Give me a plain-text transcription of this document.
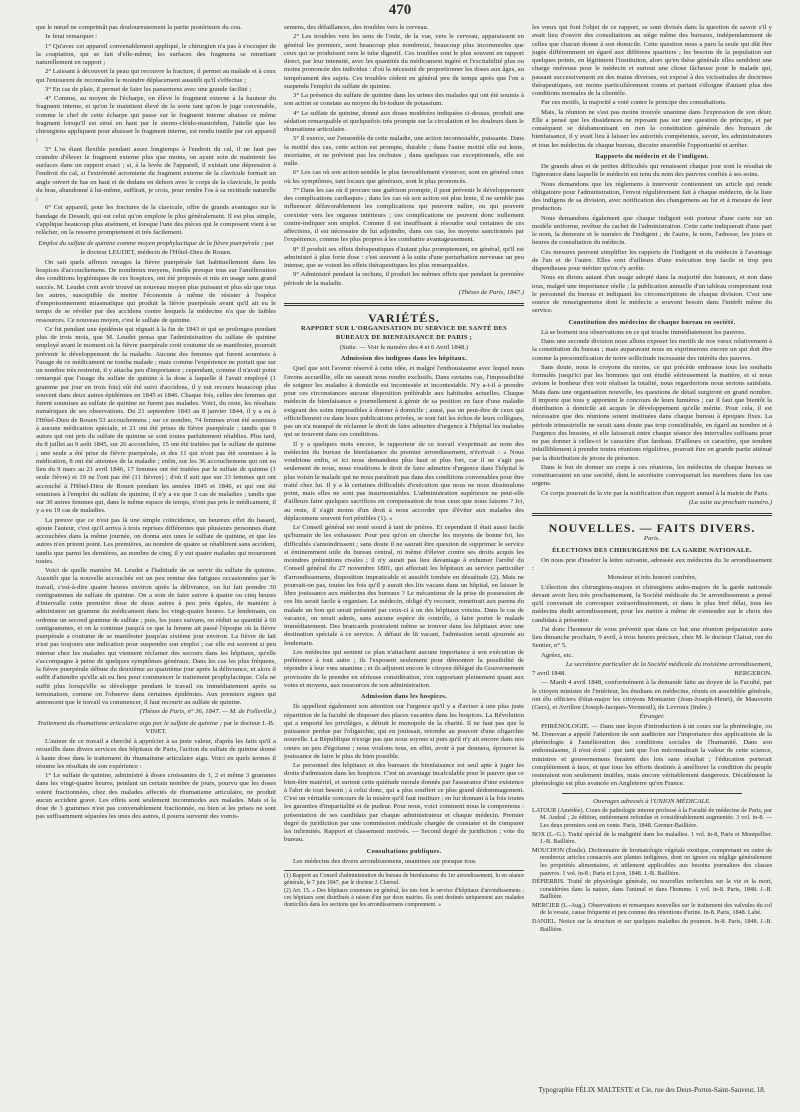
470

que le nœud ne comprimât pas douloureusement la partie postérieure du cou.

Je ferai remarquer :

1° Qu'avec cet appareil convenablement appliqué, le chirurgien n'a pas à s'occuper de la coaptation, qui se fait d'elle-même, les surfaces des fragmens se remettant naturellement en rapport ;

2° Laissant à découvert la peau qui recouvre la fracture, il permet au malade et à ceux qui l'entourent de reconnaître le moindre déplacement aussitôt qu'il s'effectue ;

3° En cas de plaie, il permet de faire les pansemens avec une grande facilité ;

4° Comme, au moyen de l'écharpe, on élève le fragment externe à la hauteur du fragment interne, et qu'on le maintient élevé de la sorte tant qu'on le juge convenable, comme le chef de cette écharpe qui passe sur le fragment interne abaisse ce même fragment lorsqu'il est situé en haut par le sterno-cléido-mastoïdien, l'attelle que les chirurgiens appliquent pour abaisser le fragment interne, est rendu inutile par cet appareil ;

5° L'os étant flexible pendant assez longtemps à l'endroit du cal, il ne faut pas craindre d'élever le fragment externe plus que moins, on ayant soin de maintenir les surfaces dans un rapport exact ; si, à la levée de l'appareil, il existait une dépression à l'endroit du cal, si l'extrémité acromiene du fragment externe de la clavicule formait un angle ouvert de bas en haut et de dedans en dehors avec le corps de la clavicule, le poids du bras, abandonné à lui-même, suffirait, je crois, pour rendre l'os à sa rectitude naturelle ;

6° Cet appareil, pour les fractures de la clavicule, offre de grands avantages sur le bandage de Desault, qui est celui qu'on emploie le plus généralement. Il est plus simple, s'applique beaucoup plus aisément, et lorsque l'une des pièces qui le composent vient à se relâcher, on la resserre promptement et très facilement.

Emploi du sulfate de quinine comme moyen prophylactique de la fièvre puerpérale ; par le docteur LEUDET, médecin de l'Hôtel-Dieu de Rouen.

On sait quels affreux ravages la fièvre puerpérale fait habituellement dans les hospices d'accouchemens. De nombreux moyens, fondés presque tous sur l'amélioration des conditions hygiéniques de ces hospices, ont été proposés et mis en usage sans grand succès. M. Leudet croit avoir trouvé un nouveau moyen plus puissant et plus sûr que tous les autres, susceptible de mettre l'économie à même de résister à l'espèce d'empoisonnement miasmatique qui produit la fièvre puerpérale avant qu'il ait eu le temps de se révéler par des accidens contre lesquels la médecine n'a que de faibles ressources. Ce nouveau moyen, c'est le sulfate de quinine.

Ce fut pendant une épidémie qui régnait à la fin de 1843 et qui se prolongea pendant plus de trois mois, que M. Leudet pensa que l'administration du sulfate de quinine employé avant le moment où la fièvre puerpérale croit coutume de se manifester, pourrait prévenir le développement de la maladie. Aucune des femmes qui furent soumises à l'usage de ce médicament ne tomba malade ; mais comme l'expérience ne portait que sur un nombre très restreint, il y attacha peu d'importance ; cependant, comme il n'avait point remarqué que l'usage du sulfate de quinine à la dose à laquelle il l'avait employé (1 gramme par jour en trois fois) eût été suivi d'accidens, il y eut recours beaucoup plus souvent dans deux autres épidémies en 1845 et 1846. Chaque fois, celles des femmes qui furent soumises au sulfate de quinine ne furent pas malades. Voici, du reste, les résultats numériques de ses observations. Du 21 septembre 1843 au 8 janvier 1844, il y a eu à l'Hôtel-Dieu de Rouen 53 accouchemens ; sur ce nombre, 74 femmes n'ont été soumises à aucune médication spéciale, et 21 ont été prises de fièvre puerpérale ; tandis que 9 autres qui ont pris du sulfate de quinine se sont toutes parfaitement rétablies. Plus tard, du 8 juillet au 9 août 1845, sur 26 accouchées, 15 ont été traitées par le sulfate de quinine ; une seule a été prise de fièvre puerpérale, et des 11 qui n'ont pas été soumises à la médication, 8 ont été atteintes de la maladie ; enfin, sur les 36 accouchemens qui ont eu lieu du 9 mars au 21 avril 1846, 17 femmes ont été traitées par le sulfate de quinine (1 seule fièvre) et 19 ne l'ont pas été (11 fièvres) ; d'où il suit que sur 33 femmes qui ont accouché à l'Hôtel-Dieu de Rouen pendant les années 1845 et 1846, et qui ont été soumises à l'emploi du sulfate de quinine, il n'y a eu que 3 cas de maladies ; tandis que sur 30 autres femmes qui, dans le même espace de temps, n'ont pas pris le médicament, il y a eu 19 cas de maladies.

La preuve que ce n'est pas là une simple coïncidence, un heureux effet du hasard, ajoute l'auteur, c'est qu'il arriva à trois reprises différentes que plusieurs personnes étant accouchées dans la même journée, on donna aux unes le sulfate de quinine, et que les autres n'en prirent point. Les premières, au nombre de quatre se rétablirent sans accident, tandis que parmi les dernières, au nombre de cinq, il y eut quatre malades qui moururent toutes.

Voici de quelle manière M. Leudet a l'habitude de se servir du sulfate de quinine. Aussitôt que la nouvelle accouchée est un peu remise des fatigues occasionnées par le travail, c'est-à-dire quatre heures environ après la délivrance, on lui fait prendre 30 centigrammes de sulfate de quinine. On a soin de faire suivre à quatre ou cinq heures d'intervalle cette première dose de deux autres à peu près égales, de manière à administrer un gramme du médicament dans les vingt-quatre heures. Le lendemain, on ordonne un second gramme de sulfate ; puis, les jours suivans, on réduit sa quantité à 60 centigrammes, et on la continue jusqu'à ce que la femme ait passé l'époque où la fièvre puerpérale a coutume de se manifester jusqu'au sixième jour environ. La fièvre de lait n'est pas toujours une indication pour suspendre son emploi ; car elle est souvent si peu intense chez les malades qui viennent réclamer des secours dans les hôpitaux, qu'elle s'accompagne à peine de quelques symptômes généraux. Dans les cas les plus fréquens, la fièvre puerpérale débute du deuxième au quatrième jour après la délivrance, et alors il suffit d'attendre qu'elle ait eu lieu pour commencer le traitement prophylactique. Cela ne suffit plus lorsqu'elle se développe pendant le travail ou immédiatement après sa terminaison, comme on l'observe dans certaines épidémies. Aux premiers signes qui annoncent que le travail va commencer, il faut recourir au sulfate de quinine.

(Thèses de Paris, n° 36, 1847. — M. de Folleville.)

Traitement du rhumatisme articulaire aigu par le sulfate de quinine ; par le docteur J.-B. VINET.

L'auteur de ce travail a cherché à apprécier à sa juste valeur, d'après les faits qu'il a recueillis dans divers services des hôpitaux de Paris, l'action du sulfate de quinine donné à haute dose dans le traitement du rhumatisme articulaire aigu. Voici en quels termes il résume les résultats de son expérience :

1° Le sulfate de quinine, administré à doses croissantes de 1, 2 et même 3 grammes dans les vingt-quatre heures, pendant un certain nombre de jours, pourvu que les doses soient fractionnées, chez des malades affectés de rhumatisme articulaire, ne produit aucun accident grave. Les effets sont seulement incommodes aux malades. Mais si la dose de 3 grammes n'est pas convenablement fractionnée, ou bien si les prises ne sont pas suffisamment séparées les unes des autres, il pourra survenir des vomis-

semens, des défaillances, des troubles vers le cerveau.

2° Les troubles vers les sens de l'ouïe, de la vue, vers le cerveau, apparaissent en général les premiers, sont beaucoup plus nombreux, beaucoup plus incommodes que ceux qui se produisent vers le tube digestif. Ces troubles sont le plus souvent en rapport direct, par leur intensité, avec les quantités du médicament ingéré et l'excitabilité plus ou moins prononcée des individus : d'où la nécessité de proportionner les doses aux âges, au tempérament des sujets. Ces troubles cèdent en général peu de temps après que l'on a suspendu l'emploi du sulfate de quinine.

3° La présence du sulfate de quinine dans les urines des malades qui ont été soumis à son action se constate au moyen du bi-iodure de potassium.

4° Le sulfate de quinine, donné aux doses modérées indiquées ci-dessus, produit une sédation remarquable et quelquefois très prompte sur la circulation et les douleurs dans le rhumatisme articulaire.

5° Il exerce, sur l'ensemble de cette maladie, une action incontestable, puissante. Dans la moitié des cas, cette action est prompte, durable ; dans l'autre moitié elle est lente, incertaine, et ne prévient pas les rechutes ; dans quelques cas exceptionnels, elle est nulle.

6° Les cas où son action semble le plus favorablement s'exercer, sont en général ceux où les symptômes, tant locaux que généraux, sont le plus prononcés.

7° Dans les cas où il procure une guérison prompte, il peut prévenir le développement des complications cardiaques ; dans les cas où son action est plus lente, il ne semble pas influencer défavorablement les complications qui peuvent naître, ou qui peuvent coexister vers les organes intérieurs ; ces complications ne peuvent donc nullement contre-indiquer son emploi. Comme il est insuffisant à résoudre seul certaines de ces affections, il est nécessaire de lui adjoindre, dans ces cas, les moyens sanctionnés par l'expérience, comme les plus propres à les combattre avantageusement.

8° Il produit ses effets thérapeutiques d'autant plus promptement, en général, qu'il est administré à plus forte dose : c'est souvent à la suite d'une perturbation nerveuse un peu intense, que se voient les effets thérapeutiques les plus remarquables.

9° Administré pendant la rechute, il produit les mêmes effets que pendant la première période de la maladie.

(Thèses de Paris, 1847.)

VARIÉTÉS.
RAPPORT SUR L'ORGANISATION DU SERVICE DE SANTÉ DES BUREAUX DE BIENFAISANCE DE PARIS ;

(Suite. — Voir le numéro des 4 et 6 Avril 1848.)

Admission des indigens dans les hôpitaux.

Quel que soit l'avenir réservé à cette idée, et malgré l'enthousiasme avec lequel nous l'avons accueillie, elle ne saurait nous rendre exclusifs. Dans certains cas, l'impossibilité de soigner les malades à domicile est incontestée et incontestable. N'y a-t-il à prendre pour ces circonstances aucune disposition préférable aux habitudes actuelles. Chaque médecin de bienfaisance a journellement à gémir de sa position en face d'une maladie exigeant des soins impossibles à donner à domicile ; aussi, pas un peut-être de ceux qui officiellement ou dans leurs publications privées, se sont fait les échos de leurs collègues, pas un n'a manqué de réclamer le droit de faire admettre d'urgence à l'hôpital les malades qui se trouvent dans ces conditions.

Il y a quelques mois encore, le rapporteur de ce travail s'exprimait au nom des médecins du bureau de bienfaisance du premier arrondissement, n'écrivait : « Nous voudrions enfin, et ici nous demandons plus haut et plus fort, car il ne s'agit pas seulement de nous, nous voudrions le droit de faire admettre d'urgence dans l'hôpital le plus voisin le malade qui ne nous paraîtrait pas dans des conditions convenables pour être traité chez lui. Il y a là certaines difficultés d'exécution que nous ne nous dissimulons point, mais elles ne sont pas insurmontables. L'administration supérieure ne peut-elle d'ailleurs faire quelques sacrifices en compensation de tous ceux que nous faisons ? Ici, au reste, il s'agit moins d'un droit à nous accorder que d'éviter aux malades des déplacemens souvent fort pénibles (1). »

Le Conseil général est resté sourd à tant de prières. Et cependant il était aussi facile qu'humain de les exhausser. Pour peu qu'on en cherche les moyens de bonne foi, les difficultés s'amoindrissent ; sans doute il ne saurait être question de supprimer le service si éminemment utile du bureau central, ni même d'élever contre ses droits acquis les moindres prétentions rivales ; il n'y aurait pas lieu davantage à exhumer l'arrêté du Conseil général du 27 novembre 1801, qui affectait les hôpitaux au service particulier d'arrondissemens, disposition impraticable et aussitôt tombée en désuétude (2). Mais ne pourrait-on pas, toutes les fois qu'il y aurait des lits vacans dans un hôpital, en laisser le libre jouissance aux médecins des bureaux ? Le mécanisme de la prise de possession de ces lits serait facile à organiser. Le médecin, obligé d'y recourir, remettrait aux parens du malade un bon qui serait présenté par ceux-ci à un des hôpitaux voisins. Dans le cas de vacance, on serait admis, sans aucune espèce de contrôle, à faire porter le malade immédiatement. Des brancards pourraient même se trouver dans les hôpitaux avec une destination spéciale à ce service. À défaut de lit vacant, l'admission serait ajournée au lendemain.

Les médecins qui sentent ce plan n'attachent aucune importance à son exécution de préférence à tout autre ; ils l'exposent seulement pour démontrer la possibilité de répondre à leur vœu unanime ; et ils adjurent encore le citoyen délégué du Gouvernement provisoire de le prendre en sérieuse considération, s'en rapportant pleinement quant aux voies et moyens, aux ressources de son administration.

Admission dans les hospices.

Ils appellent également son attention sur l'urgence qu'il y a d'aviser à une plus juste répartition de la faculté de disposer des places vacantes dans les hospices. La Révolution qui a emporté les privilèges, a détruit le monopole de la charité. Il ne faut pas que la puissance perdue par l'oligarchie, qui en jouissait, retombe au pouvoir d'une oligarchie nouvelle. La République n'exige pas que nous soyons si purs qu'il n'y ait encore dans nos cœurs un peu d'égoïsme ; nous voulons tous, en effet, avoir à par donnera, éprouver la jouissance de faire le plus de bien possible.

Le personnel des hôpitaux et des bureaux de bienfaisance est seul apte à juger les droits d'admission dans les hospices. C'est un avantage incalculable pour le pauvre que ce bien-être matériel, et surtout cette quiétude morale donnés par l'assurance d'une existence à l'abri de tout besoin ; à celui donc, qui a plus souffert ce plus grand dédommagement. C'est un véritable concours de la misère qu'il faut instituer ; en lui donnant à la fois toutes les garanties d'impartialité et de pudeur. Pour nous, voici comment nous le comprenons : présentation de ses candidats par chaque administrateur et chaque médecin. Premier degré de juridiction par une commission médicale chargée de constater et de comparer les infirmités. Rapport et classement motivés. — Second degré de juridiction ; vote du bureau.

Consultations publiques.

Les médecins des divers arrondissemens, unanimes sur presque tous

(1) Rapport au Conseil d'administration du bureau de bienfaisance du 1er arrondissement, lu en séance générale, le 7 juin 1847, par le docteur J. Chereul.

(2) Art. 15. « Des hôpitaux communs en général, les uns font le service d'hôpitaux d'arrondissemens ; ces hôpitaux sont distribués à raison d'un par deux mairies. Ils sont destinés uniquement aux malades domiciliés dans les sections que les arrondissemens comprennent. »

les vœux qui font l'objet de ce rapport, se sont divisés dans la question de savoir s'il y avait lieu d'ouvrir des consultations au siège même des bureaux, indépendamment de celles que chacun donne à son domicile. Cette question nous a paru la seule qui dût être jugée différemment en égard aux différens quartiers ; les besoins de la population sur quelques points, en légitiment l'institution, alors qu'en thèse générale elles semblent une charge onéreuse pour le médecin et surtout une chose fâcheuse pour le malade qui, passant successivement en des mains diverses, est exposé à des vicissitudes de doctrines thérapeutiques, est moins particulièrement connu et partant s'éloigne d'autant plus des conditions normales de la clientèle.

Par ces motifs, la majorité a voté contre le principe des consultations.

Mais, la réunion ne s'est pas moins trouvée unanime dans l'expression de son désir. Elle a pensé que les dissidences ne reposant pas sur une question de principe, et par conséquent se déshamonisant en rien la constitution générale des bureaux de bienfaisance, il y avait lieu à laisser les autorités compétentes, savoir, les administrateurs et tous les médecins de chaque bureau, discuter ensemble l'opportunité et arrêter.

Rapports du médecin et de l'indigent.

De grands abus et de petites difficultés qui renaissent chaque jour sont le résultat de l'ignorance dans laquelle le médecin est tenu du nom des pauvres confiés à ses soins.

Nous demandons que les réglemens à intervenir contiennent un article qui rende obligatoire pour l'administration, l'envoi régulièrement fait à chaque médecin, de la liste des indigens de sa division, avec notification des changemens au fur et à mesure de leur production.

Nous demandons également que chaque indigent soit porteur d'une carte sur un modèle uniforme, revêtue du cachet de l'administration. Cette carte indiquerait d'une part le nom, la demeure et le numéro de l'indigent ; de l'autre, le nom, l'adresse, les jours et heures de consultation du médecin.

Ces mesures peuvent simplifier les rapports de l'indigent et du médecin à l'avantage de l'un et de l'autre. Elles sont d'ailleurs d'une exécution trop facile et trop peu dispendieuse pour mériter qu'on s'y arrête.

Nous en dirons autant d'un usage adopté dans la majorité des bureaux, et non dans tous, malgré une importance réelle ; la publication annuelle d'un tableau comprenant tout le personnel du bureau et indiquant les circonscriptions de chaque division. C'est une source de renseignemens dont le médecin a souvent besoin dans l'intérêt même du service.

Constitution des médecins de chaque bureau en société.

Là se bornent nos observations en ce qui touche immédiatement les pauvres.

Dans une seconde division nous allons exposer les motifs de nos vœux relativement à la constitution du bureau ; mais auparavant nous en exprimerons encore un qui doit être comme la personnification de notre sollicitude incessante des intérêts des pauvres.

Sans doute, nous le croyons du moins, ce qui précède embrasse tous les souhaits formulés jusqu'ici par les hommes qui ont étudié sérieusement la matière, et si nous avions le bonheur d'en voir réaliser la totalité, nous regarderions nous serions satisfaits. Mais dans une organisation nouvelle, les questions de détail surgiront en grand nombre. Il importe que tous y apportent le concours de leurs lumières ; car il faut que bientôt la distribution à domicile ait acquis le développement qu'elle mérite. Pour cela, il est nécessaire que des réunions soient instituées dans chaque bureau à époques fixes. La période trimestrielle ne serait sans doute pas trop considérable, en égard au nombre et à l'urgence des besoins, et elle laisserait entre chaque séance des intervalles suffisans pour ne pas donner à celles-ci le caractère d'un fardeau. D'ailleurs ce caractère, que tendent infailliblement à prendre toutes réunions régulières, pourrait être en grande partie atténué par la distribution de jetons de présence.

Dans le but de donner un corps à ces réunions, les médecins de chaque bureau se constitueraient en une société, dont le secrétaire convoquerait les membres dans les cas urgens.

Ce corps pourrait de la vie par la notification d'un rapport annuel à la mairie de Paris.

(La suite au prochain numéro.)

NOUVELLES. — FAITS DIVERS.

Paris.

ÉLECTIONS DES CHIRURGIENS DE LA GARDE NATIONALE.

On nous prie d'insérer la lettre suivante, adressée aux médecins du 3e arrondissement :

Monsieur et très honoré confrère,

L'élection des chirurgiens-majors et chirurgiens aides-majors de la garde nationale devant avoir lieu très prochainement, la Société médicale du 3e arrondissement a pensé qu'il convenait de convoquer extraordinairement, et dans le plus bref délai, tous les médecins dudit arrondissement, pour les mettre à même de s'entendre sur le choix des candidats à présenter.

J'ai donc l'honneur de vous prévenir que dans ce but une réunion préparatoire aura lieu dimanche prochain, 9 avril, à trois heures précises, chez M. le docteur Clairat, rue du Sentier, n° 5.

Agréez, etc.

Le secrétaire particulier de la Société médicale du troisième arrondissement,

7 avril 1848.	BERGERON.

— Mardi 4 avril 1848, conformément à la demande faite au doyen de la Faculté, par le citoyen ministre de l'intérieur, les étudians en médecine, réunis en assemblée générale, ont élu officiers d'état-major les citoyens Montanier (Jean-Joseph-Henri), de Mauvezin (Gers), et Avrillon (Joseph-Jacques-Vermeuil), de Levroux (Indre.)

Étranger.

PHRÉNOLOGIE. — Dans une leçon d'introduction à un cours sur la phrénologie, ou M. Donovan a appelé l'attention de son auditoire sur l'importance des applications de la phrénologie à l'amélioration des conditions sociales de l'humanité. Dans son enthousiasme, il n'est écrié : que tant que l'on méconnaîtrait la valeur de cette science, ministres et gouvernemens feraient des lois sans résultat ; l'éducation porterait complètement à faux, et que tous les efforts destinés à améliorer la condition du peuple resteraient non seulement inutiles, mais encore véritablement dangereux. Décidément la phrénologie est plus avancée en Angleterre qu'en France.

Ouvrages adressés à l'UNION MÉDICALE.

LATOUR (Amédée). Cours de pathologie interne professé à la Faculté de médecine de Paris, par M. Andral ; 2e édition, entièrement refondue et considérablement augmentée. 3 vol. in-8. — Les deux premiers sont en vente. Paris, 1848. Germer-Baillière.

BOX (L.-G.). Traité spécial de la malignité dans les maladies. 1 vol. in-8, Paris et Montpellier. J.-B. Baillière.

MOUCHON (Émile). Dictionnaire de bromatologie végétale exotique, comprenant en outre de nombreux articles consacrés aux plantes indigènes, dont on ignore ou néglige généralement les propriétés alimentaires, et utilement applicables aux besoins journaliers des classes pauvres. 1 vol. in-8 ; Paris et Lyon, 1848. J.-B. Baillière.

DÉPIERRIS. Traité de physiologie générale, ou nouvelles recherches sur la vie et la mort, considérées dans la nature, dans l'animal et dans l'homme. 1 vol. in-8. Paris, 1848. J.-B. Baillière.

MERCIER (L.-Aug.). Observations et remarques nouvelles sur le traitement des valvules du col de la vessie, cause fréquente et peu connue des rétentions d'urine. In-8. Paris, 1848. Labé.

DANIEL. Notice sur la structure et sur quelques maladies du poumon. In-8. Paris, 1848. J.-B. Baillière.

Typographie FÉLIX MALTESTE et Cie, rue des Deux-Portes-Saint-Sauveur, 18.
